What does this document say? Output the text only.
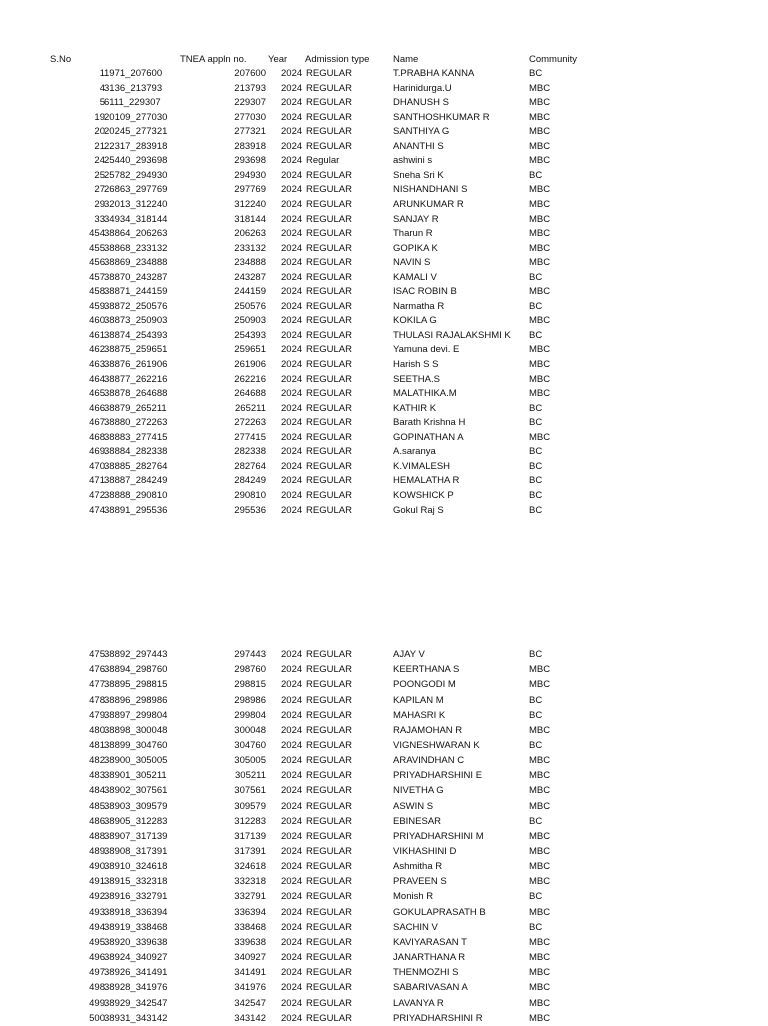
S.No	TNEA appln no. Year Admission type Name	Community
1 1971_207600	207600 2024 REGULAR	T.PRABHA KANNA	BC
4 3136_213793	213793 2024 REGULAR	Harinidurga.U	MBC
5 6111_229307	229307 2024 REGULAR	DHANUSH S	MBC
19 20109_277030	277030 2024 REGULAR	SANTHOSHKUMAR R	MBC
20 20245_277321	277321 2024 REGULAR	SANTHIYA G	MBC
21 22317_283918	283918 2024 REGULAR	ANANTHI S	MBC
24 25440_293698	293698 2024 Regular	ashwini s	MBC
25 25782_294930	294930 2024 REGULAR	Sneha Sri K	BC
27 26863_297769	297769 2024 REGULAR	NISHANDHANI S	MBC
29 32013_312240	312240 2024 REGULAR	ARUNKUMAR R	MBC
33 34934_318144	318144 2024 REGULAR	SANJAY R	MBC
454 38864_206263	206263 2024 REGULAR	Tharun R	MBC
455 38868_233132	233132 2024 REGULAR	GOPIKA K	MBC
456 38869_234888	234888 2024 REGULAR	NAVIN S	MBC
457 38870_243287	243287 2024 REGULAR	KAMALI V	BC
458 38871_244159	244159 2024 REGULAR	ISAC ROBIN B	MBC
459 38872_250576	250576 2024 REGULAR	Narmatha R	BC
460 38873_250903	250903 2024 REGULAR	KOKILA G	MBC
461 38874_254393	254393 2024 REGULAR	THULASI RAJALAKSHMI K BC
462 38875_259651	259651 2024 REGULAR	Yamuna devi. E	MBC
463 38876_261906	261906 2024 REGULAR	Harish S S	MBC
464 38877_262216	262216 2024 REGULAR	SEETHA.S	MBC
465 38878_264688	264688 2024 REGULAR	MALATHIKA.M	MBC
466 38879_265211	265211 2024 REGULAR	KATHIR K	BC
467 38880_272263	272263 2024 REGULAR	Barath Krishna H	BC
468 38883_277415	277415 2024 REGULAR	GOPINATHAN A	MBC
469 38884_282338	282338 2024 REGULAR	A.saranya	BC
470 38885_282764	282764 2024 REGULAR	K.VIMALESH	BC
471 38887_284249	284249 2024 REGULAR	HEMALATHA R	BC
472 38888_290810	290810 2024 REGULAR	KOWSHICK P	BC
474 38891_295536	295536 2024 REGULAR	Gokul Raj S	BC
475 38892_297443	297443 2024 REGULAR	AJAY V	BC
476 38894_298760	298760 2024 REGULAR	KEERTHANA S	MBC
477 38895_298815	298815 2024 REGULAR	POONGODI M	MBC
478 38896_298986	298986 2024 REGULAR	KAPILAN M	BC
479 38897_299804	299804 2024 REGULAR	MAHASRI K	BC
480 38898_300048	300048 2024 REGULAR	RAJAMOHAN R	MBC
481 38899_304760	304760 2024 REGULAR	VIGNESHWARAN K	BC
482 38900_305005	305005 2024 REGULAR	ARAVINDHAN C	MBC
483 38901_305211	305211 2024 REGULAR	PRIYADHARSHINI E	MBC
484 38902_307561	307561 2024 REGULAR	NIVETHA G	MBC
485 38903_309579	309579 2024 REGULAR	ASWIN S	MBC
486 38905_312283	312283 2024 REGULAR	EBINESAR	BC
488 38907_317139	317139 2024 REGULAR	PRIYADHARSHINI M	MBC
489 38908_317391	317391 2024 REGULAR	VIKHASHINI D	MBC
490 38910_324618	324618 2024 REGULAR	Ashmitha R	MBC
491 38915_332318	332318 2024 REGULAR	PRAVEEN S	MBC
492 38916_332791	332791 2024 REGULAR	Monish R	BC
493 38918_336394	336394 2024 REGULAR	GOKULAPRASATH B	MBC
494 38919_338468	338468 2024 REGULAR	SACHIN V	BC
495 38920_339638	339638 2024 REGULAR	KAVIYARASAN T	MBC
496 38924_340927	340927 2024 REGULAR	JANARTHANA R	MBC
497 38926_341491	341491 2024 REGULAR	THENMOZHI S	MBC
498 38928_341976	341976 2024 REGULAR	SABARIVASAN A	MBC
499 38929_342547	342547 2024 REGULAR	LAVANYA R	MBC
500 38931_343142	343142 2024 REGULAR	PRIYADHARSHINI R	MBC
